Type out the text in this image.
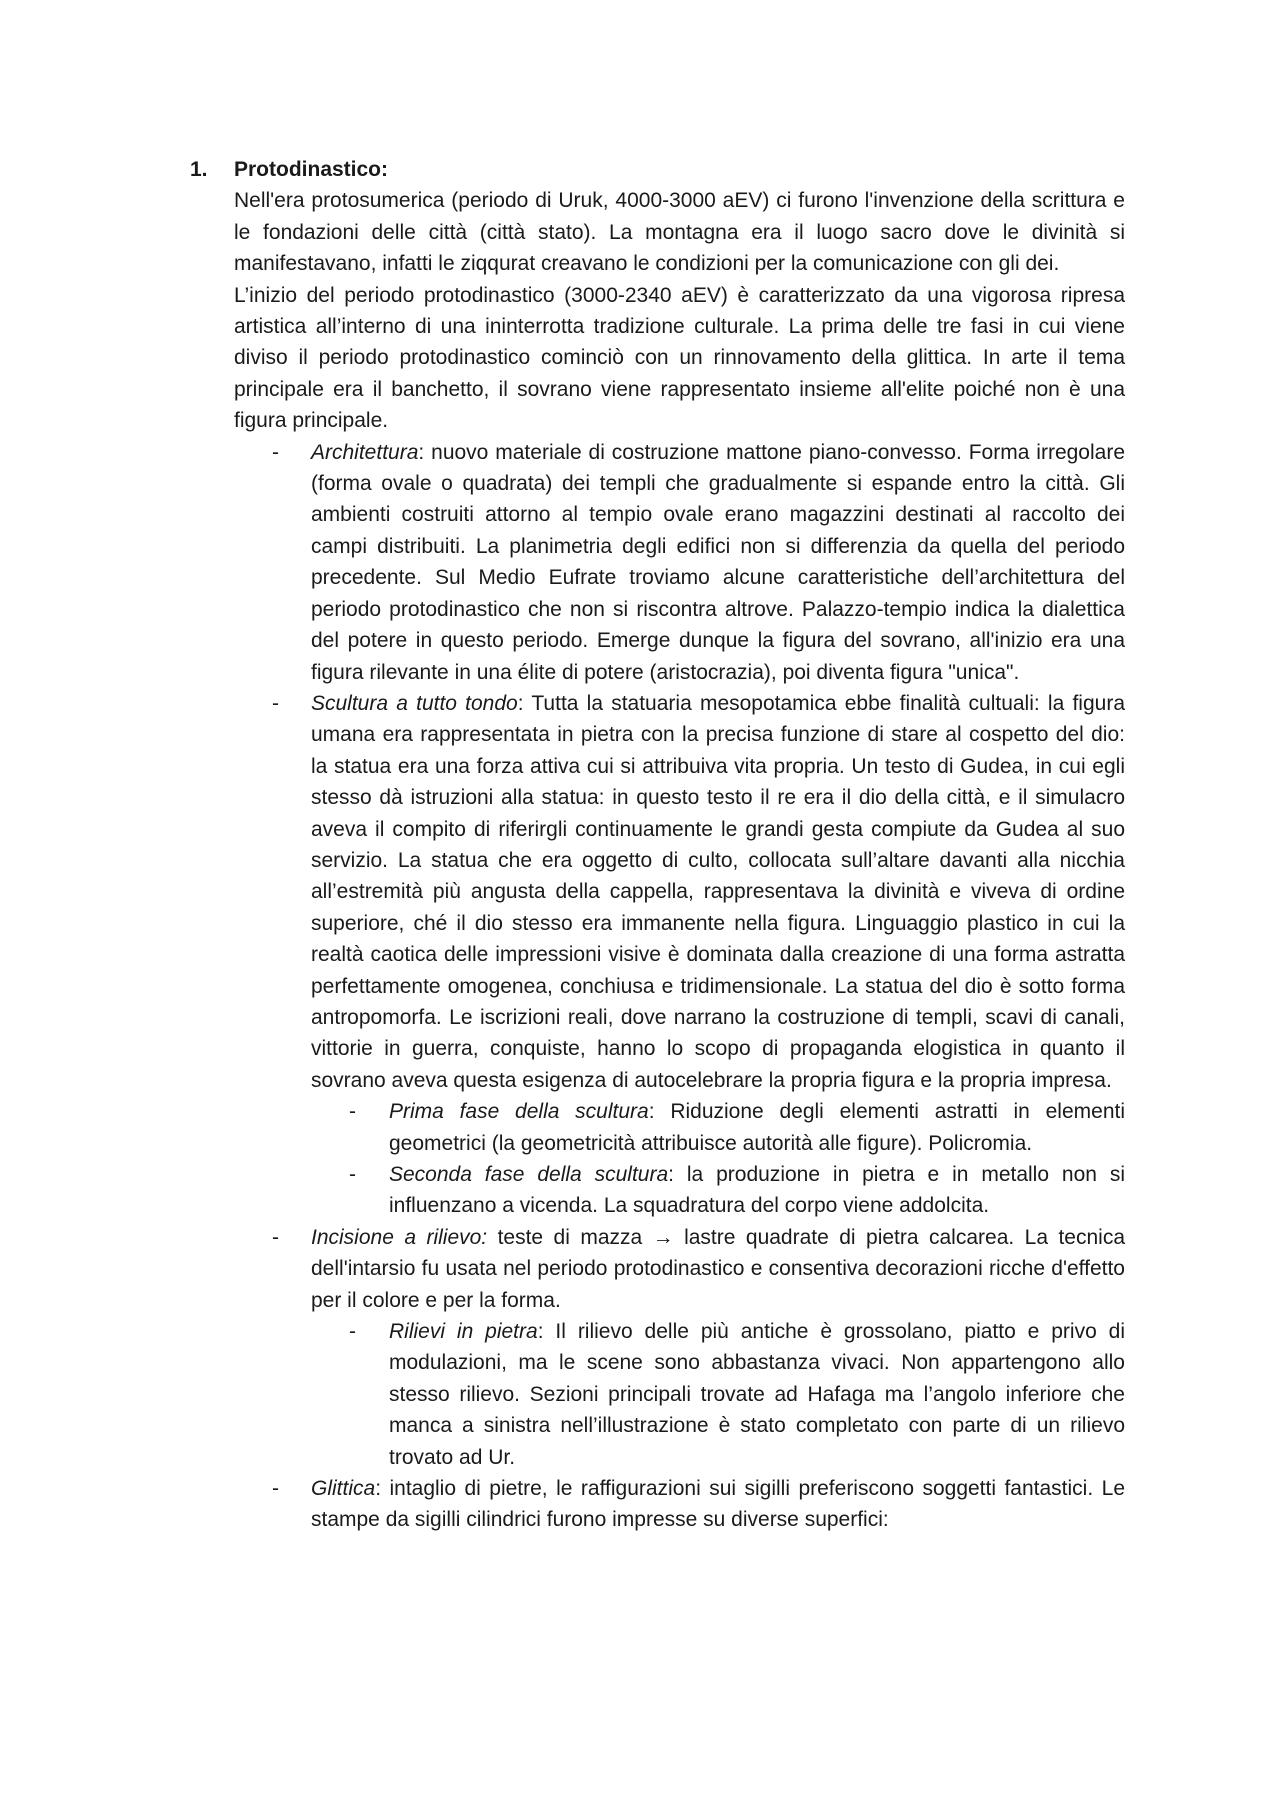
1. Protodinastico:

Nell'era protosumerica (periodo di Uruk, 4000-3000 aEV) ci furono l'invenzione della scrittura e le fondazioni delle città (città stato). La montagna era il luogo sacro dove le divinità si manifestavano, infatti le ziqqurat creavano le condizioni per la comunicazione con gli dei.

L’inizio del periodo protodinastico (3000-2340 aEV) è caratterizzato da una vigorosa ripresa artistica all’interno di una ininterrotta tradizione culturale. La prima delle tre fasi in cui viene diviso il periodo protodinastico cominciò con un rinnovamento della glittica. In arte il tema principale era il banchetto, il sovrano viene rappresentato insieme all'elite poiché non è una figura principale.

- Architettura: nuovo materiale di costruzione mattone piano-convesso. Forma irregolare (forma ovale o quadrata) dei templi che gradualmente si espande entro la città. Gli ambienti costruiti attorno al tempio ovale erano magazzini destinati al raccolto dei campi distribuiti. La planimetria degli edifici non si differenzia da quella del periodo precedente. Sul Medio Eufrate troviamo alcune caratteristiche dell’architettura del periodo protodinastico che non si riscontra altrove. Palazzo-tempio indica la dialettica del potere in questo periodo. Emerge dunque la figura del sovrano, all'inizio era una figura rilevante in una élite di potere (aristocrazia), poi diventa figura "unica".

- Scultura a tutto tondo: Tutta la statuaria mesopotamica ebbe finalità cultuali: la figura umana era rappresentata in pietra con la precisa funzione di stare al cospetto del dio: la statua era una forza attiva cui si attribuiva vita propria. Un testo di Gudea, in cui egli stesso dà istruzioni alla statua: in questo testo il re era il dio della città, e il simulacro aveva il compito di riferirgli continuamente le grandi gesta compiute da Gudea al suo servizio. La statua che era oggetto di culto, collocata sull’altare davanti alla nicchia all’estremità più angusta della cappella, rappresentava la divinità e viveva di ordine superiore, ché il dio stesso era immanente nella figura. Linguaggio plastico in cui la realtà caotica delle impressioni visive è dominata dalla creazione di una forma astratta perfettamente omogenea, conchiusa e tridimensionale. La statua del dio è sotto forma antropomorfa. Le iscrizioni reali, dove narrano la costruzione di templi, scavi di canali, vittorie in guerra, conquiste, hanno lo scopo di propaganda elogistica in quanto il sovrano aveva questa esigenza di autocelebrare la propria figura e la propria impresa.

- Prima fase della scultura: Riduzione degli elementi astratti in elementi geometrici (la geometricità attribuisce autorità alle figure). Policromia.

- Seconda fase della scultura: la produzione in pietra e in metallo non si influenzano a vicenda. La squadratura del corpo viene addolcita.

- Incisione a rilievo: teste di mazza → lastre quadrate di pietra calcarea. La tecnica dell'intarsio fu usata nel periodo protodinastico e consentiva decorazioni ricche d'effetto per il colore e per la forma.

- Rilievi in pietra: Il rilievo delle più antiche è grossolano, piatto e privo di modulazioni, ma le scene sono abbastanza vivaci. Non appartengono allo stesso rilievo. Sezioni principali trovate ad Hafaga ma l’angolo inferiore che manca a sinistra nell’illustrazione è stato completato con parte di un rilievo trovato ad Ur.

- Glittica: intaglio di pietre, le raffigurazioni sui sigilli preferiscono soggetti fantastici. Le stampe da sigilli cilindrici furono impresse su diverse superfici:
